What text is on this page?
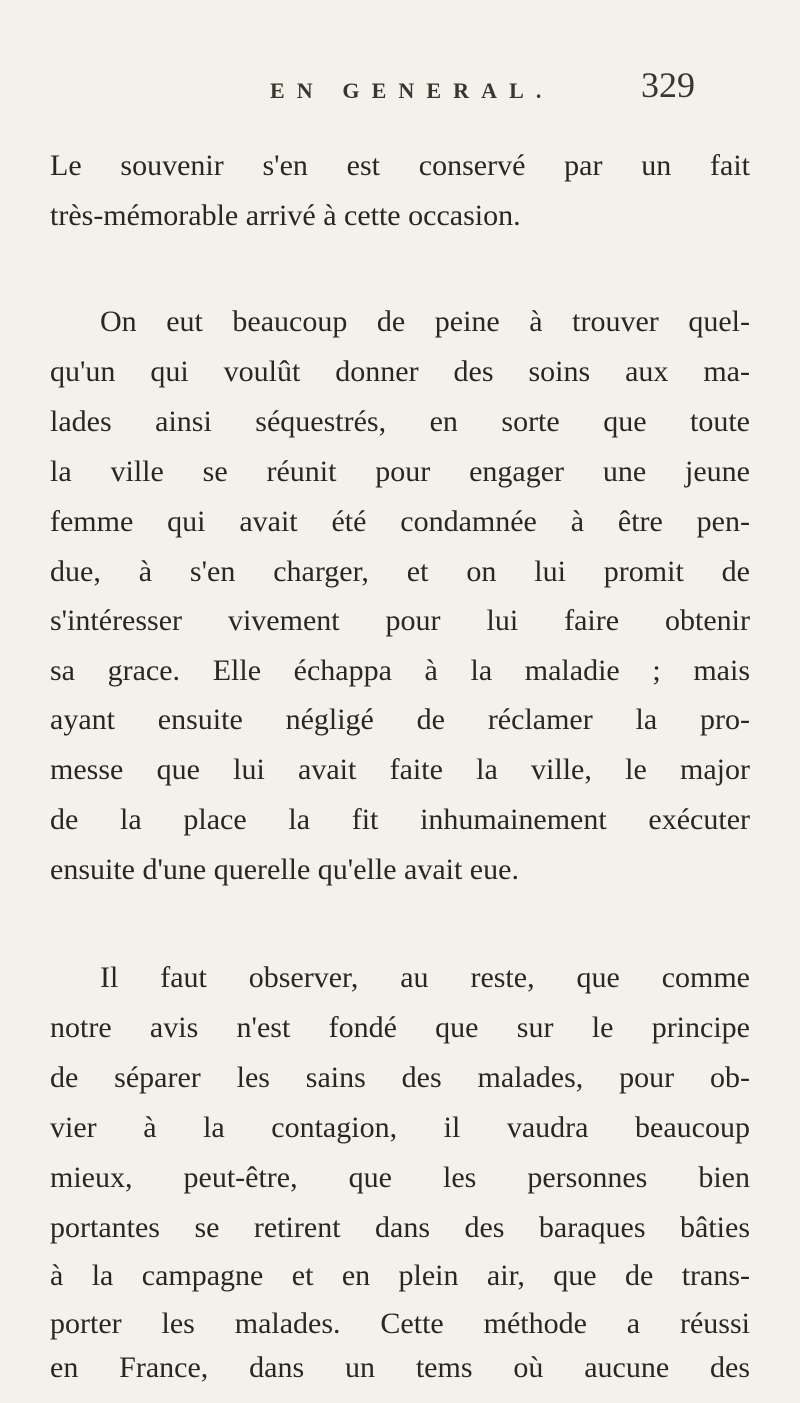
EN GENERAL. 329
Le souvenir s'en est conservé par un fait
très-mémorable arrivé à cette occasion.
On eut beaucoup de peine à trouver quel-
qu'un qui voulût donner des soins aux ma-
lades ainsi séquestrés, en sorte que toute
la ville se réunit pour engager une jeune
femme qui avait été condamnée à être pen-
due, à s'en charger, et on lui promit de
s'intéresser vivement pour lui faire obtenir
sa grace. Elle échappa à la maladie ; mais
ayant ensuite négligé de réclamer la pro-
messe que lui avait faite la ville, le major
de la place la fit inhumainement exécuter
ensuite d'une querelle qu'elle avait eue.
Il faut observer, au reste, que comme
notre avis n'est fondé que sur le principe
de séparer les sains des malades, pour ob-
vier à la contagion, il vaudra beaucoup
mieux, peut-être, que les personnes bien
portantes se retirent dans des baraques bâties
à la campagne et en plein air, que de trans-
porter les malades. Cette méthode a réussi
en France, dans un tems où aucune des
